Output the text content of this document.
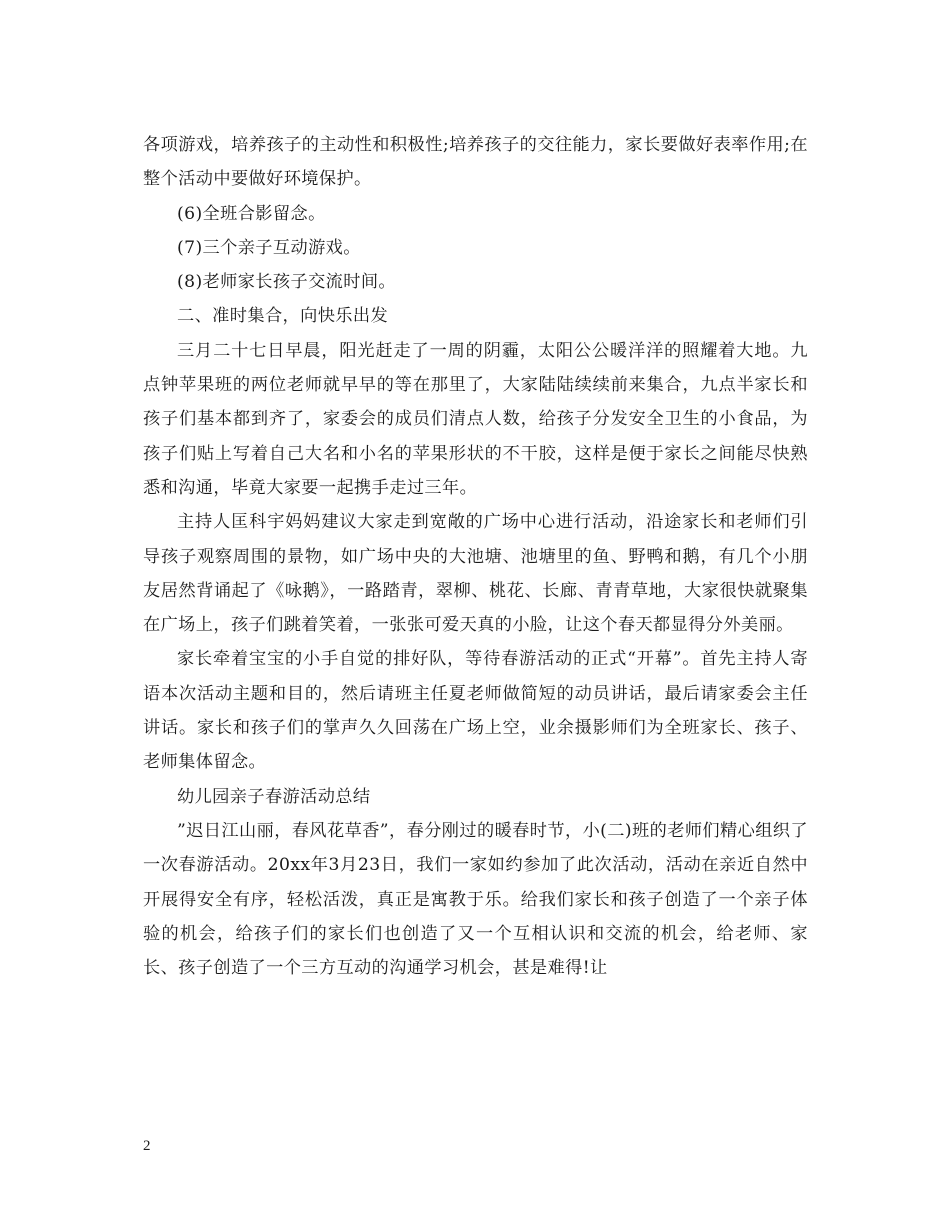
各项游戏，培养孩子的主动性和积极性;培养孩子的交往能力，家长要做好表率作用;在整个活动中要做好环境保护。

(6)全班合影留念。

(7)三个亲子互动游戏。

(8)老师家长孩子交流时间。

二、准时集合，向快乐出发

三月二十七日早晨，阳光赶走了一周的阴霾，太阳公公暖洋洋的照耀着大地。九点钟苹果班的两位老师就早早的等在那里了，大家陆陆续续前来集合，九点半家长和孩子们基本都到齐了，家委会的成员们清点人数，给孩子分发安全卫生的小食品，为孩子们贴上写着自己大名和小名的苹果形状的不干胶，这样是便于家长之间能尽快熟悉和沟通，毕竟大家要一起携手走过三年。

主持人匡科宇妈妈建议大家走到宽敞的广场中心进行活动，沿途家长和老师们引导孩子观察周围的景物，如广场中央的大池塘、池塘里的鱼、野鸭和鹅，有几个小朋友居然背诵起了《咏鹅》，一路踏青，翠柳、桃花、长廊、青青草地，大家很快就聚集在广场上，孩子们跳着笑着，一张张可爱天真的小脸，让这个春天都显得分外美丽。

家长牵着宝宝的小手自觉的排好队，等待春游活动的正式“开幕”。首先主持人寄语本次活动主题和目的，然后请班主任夏老师做简短的动员讲话，最后请家委会主任讲话。家长和孩子们的掌声久久回荡在广场上空，业余摄影师们为全班家长、孩子、老师集体留念。

幼儿园亲子春游活动总结

”迟日江山丽，春风花草香”，春分刚过的暖春时节，小(二)班的老师们精心组织了一次春游活动。20xx年3月23日，我们一家如约参加了此次活动，活动在亲近自然中开展得安全有序，轻松活泼，真正是寓教于乐。给我们家长和孩子创造了一个亲子体验的机会，给孩子们的家长们也创造了又一个互相认识和交流的机会，给老师、家长、孩子创造了一个三方互动的沟通学习机会，甚是难得!让

2
